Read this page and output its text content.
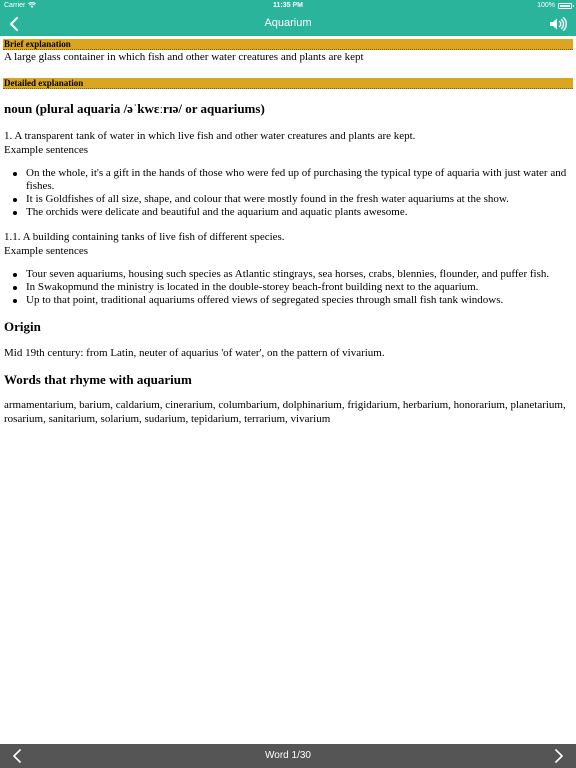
Carrier	11:35 PM	100%
Aquarium
Brief explanation
A large glass container in which fish and other water creatures and plants are kept
Detailed explanation
noun (plural aquaria /əˈkwɛːrɪə/ or aquariums)
1. A transparent tank of water in which live fish and other water creatures and plants are kept.
Example sentences
On the whole, it's a gift in the hands of those who were fed up of purchasing the typical type of aquaria with just water and fishes.
It is Goldfishes of all size, shape, and colour that were mostly found in the fresh water aquariums at the show.
The orchids were delicate and beautiful and the aquarium and aquatic plants awesome.
1.1. A building containing tanks of live fish of different species.
Example sentences
Tour seven aquariums, housing such species as Atlantic stingrays, sea horses, crabs, blennies, flounder, and puffer fish.
In Swakopmund the ministry is located in the double-storey beach-front building next to the aquarium.
Up to that point, traditional aquariums offered views of segregated species through small fish tank windows.
Origin
Mid 19th century: from Latin, neuter of aquarius 'of water', on the pattern of vivarium.
Words that rhyme with aquarium
armamentarium, barium, caldarium, cinerarium, columbarium, dolphinarium, frigidarium, herbarium, honorarium, planetarium, rosarium, sanitarium, solarium, sudarium, tepidarium, terrarium, vivarium
Word 1/30
